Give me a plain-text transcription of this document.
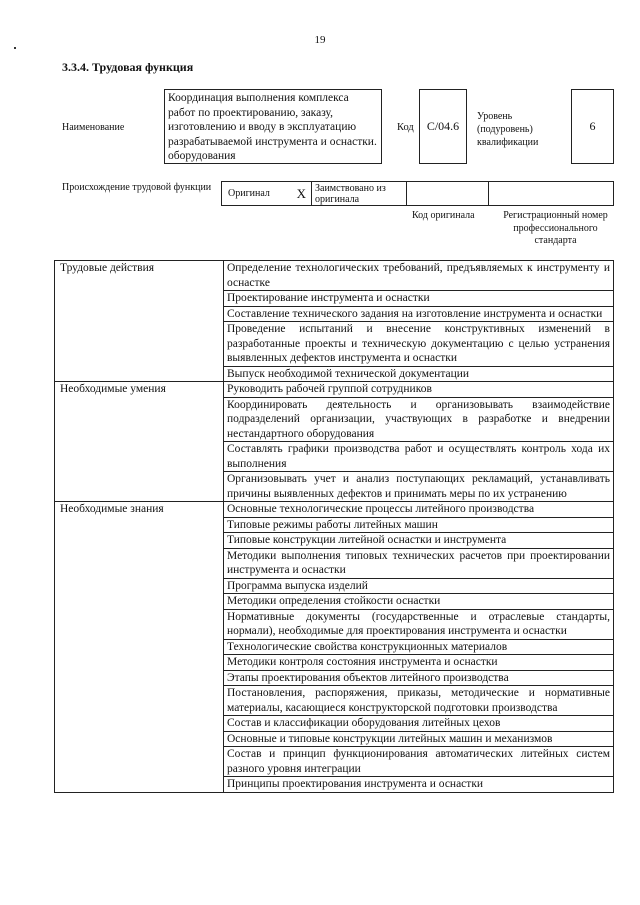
19
3.3.4. Трудовая функция
Наименование
Координация выполнения комплекса работ по проектированию, заказу, изготовлению и вводу в эксплуатацию разрабатываемой инструмента и оснастки. оборудования
Код	С/04.6
Уровень (подуровень) квалификации
6
Происхождение трудовой функции
Оригинал X Заимствовано из оригинала
Код оригинала	Регистрационный номер профессионального стандарта
Трудовые действия	Определение технологических требований, предъявляемых к инструменту и оснастке
	Проектирование инструмента и оснастки
	Составление технического задания на изготовление инструмента и оснастки
	Проведение испытаний и внесение конструктивных изменений в разработанные проекты и техническую документацию с целью устранения выявленных дефектов инструмента и оснастки
	Выпуск необходимой технической документации
Необходимые умения	Руководить рабочей группой сотрудников
	Координировать деятельность и организовывать взаимодействие подразделений организации, участвующих в разработке и внедрении нестандартного оборудования
	Составлять графики производства работ и осуществлять контроль хода их выполнения
	Организовывать учет и анализ поступающих рекламаций, устанавливать причины выявленных дефектов и принимать меры по их устранению
Необходимые знания	Основные технологические процессы литейного производства
	Типовые режимы работы литейных машин
	Типовые конструкции литейной оснастки и инструмента
	Методики выполнения типовых технических расчетов при проектировании инструмента и оснастки
	Программа выпуска изделий
	Методики определения стойкости оснастки
	Нормативные документы (государственные и отраслевые стандарты, нормали), необходимые для проектирования инструмента и оснастки
	Технологические свойства конструкционных материалов
	Методики контроля состояния инструмента и оснастки
	Этапы проектирования объектов литейного производства
	Постановления, распоряжения, приказы, методические и нормативные материалы, касающиеся конструкторской подготовки производства
	Состав и классификации оборудования литейных цехов
	Основные и типовые конструкции литейных машин и механизмов
	Состав и принцип функционирования автоматических литейных систем разного уровня интеграции
	Принципы проектирования инструмента и оснастки
